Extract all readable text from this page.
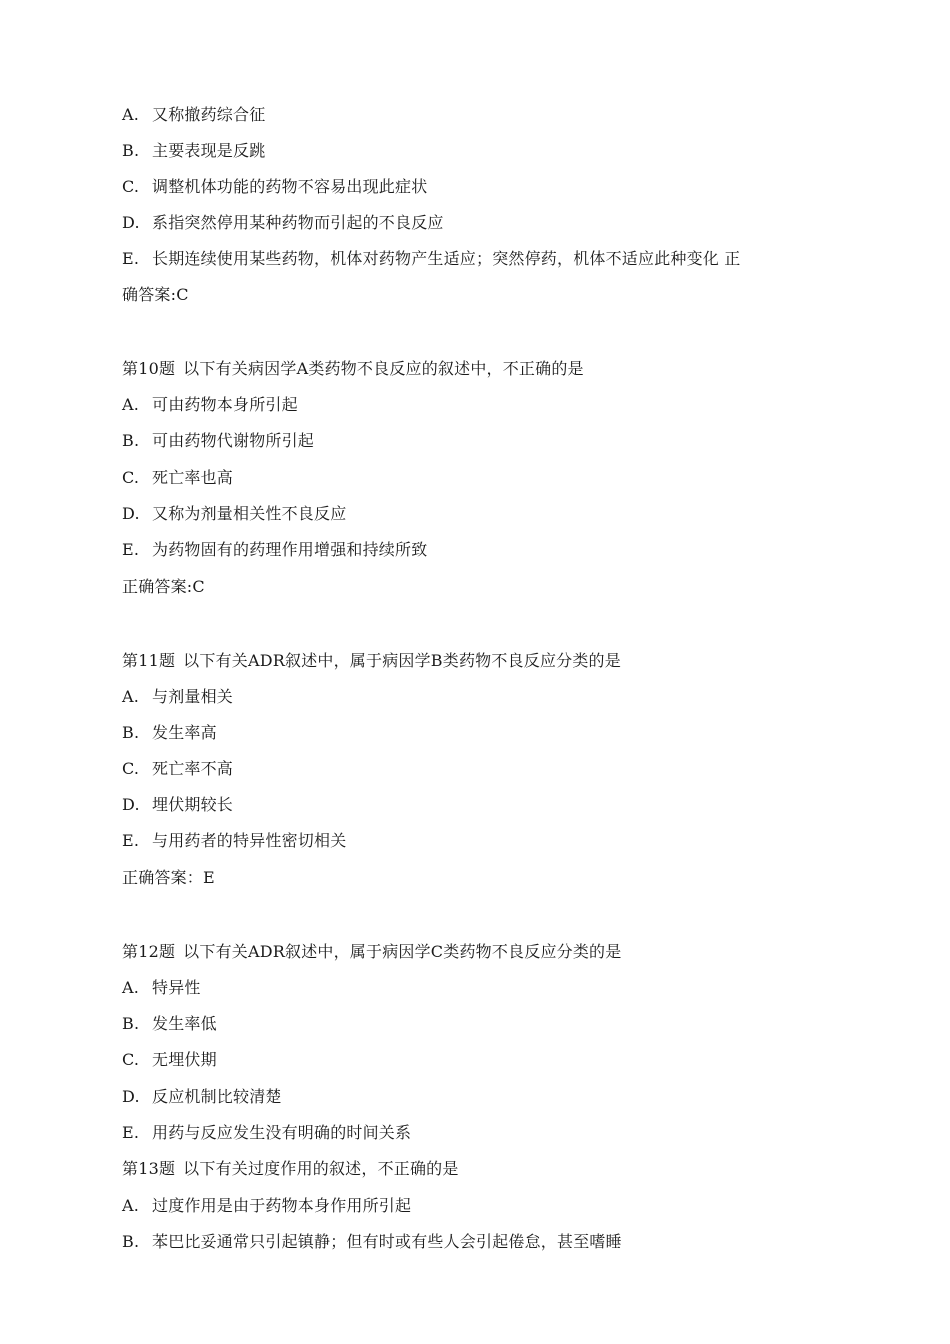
A. 又称撤药综合征
B. 主要表现是反跳
C. 调整机体功能的药物不容易出现此症状
D. 系指突然停用某种药物而引起的不良反应
E. 长期连续使用某些药物，机体对药物产生适应；突然停药，机体不适应此种变化 正
确答案:C
第10题 以下有关病因学A类药物不良反应的叙述中，不正确的是
A. 可由药物本身所引起
B. 可由药物代谢物所引起
C. 死亡率也高
D. 又称为剂量相关性不良反应
E. 为药物固有的药理作用增强和持续所致
正确答案:C
第11题 以下有关ADR叙述中，属于病因学B类药物不良反应分类的是
A. 与剂量相关
B. 发生率高
C. 死亡率不高
D. 埋伏期较长
E. 与用药者的特异性密切相关
正确答案：E
第12题 以下有关ADR叙述中，属于病因学C类药物不良反应分类的是
A. 特异性
B. 发生率低
C. 无埋伏期
D. 反应机制比较清楚
E. 用药与反应发生没有明确的时间关系
第13题 以下有关过度作用的叙述，不正确的是
A. 过度作用是由于药物本身作用所引起
B. 苯巴比妥通常只引起镇静；但有时或有些人会引起倦怠，甚至嗜睡
